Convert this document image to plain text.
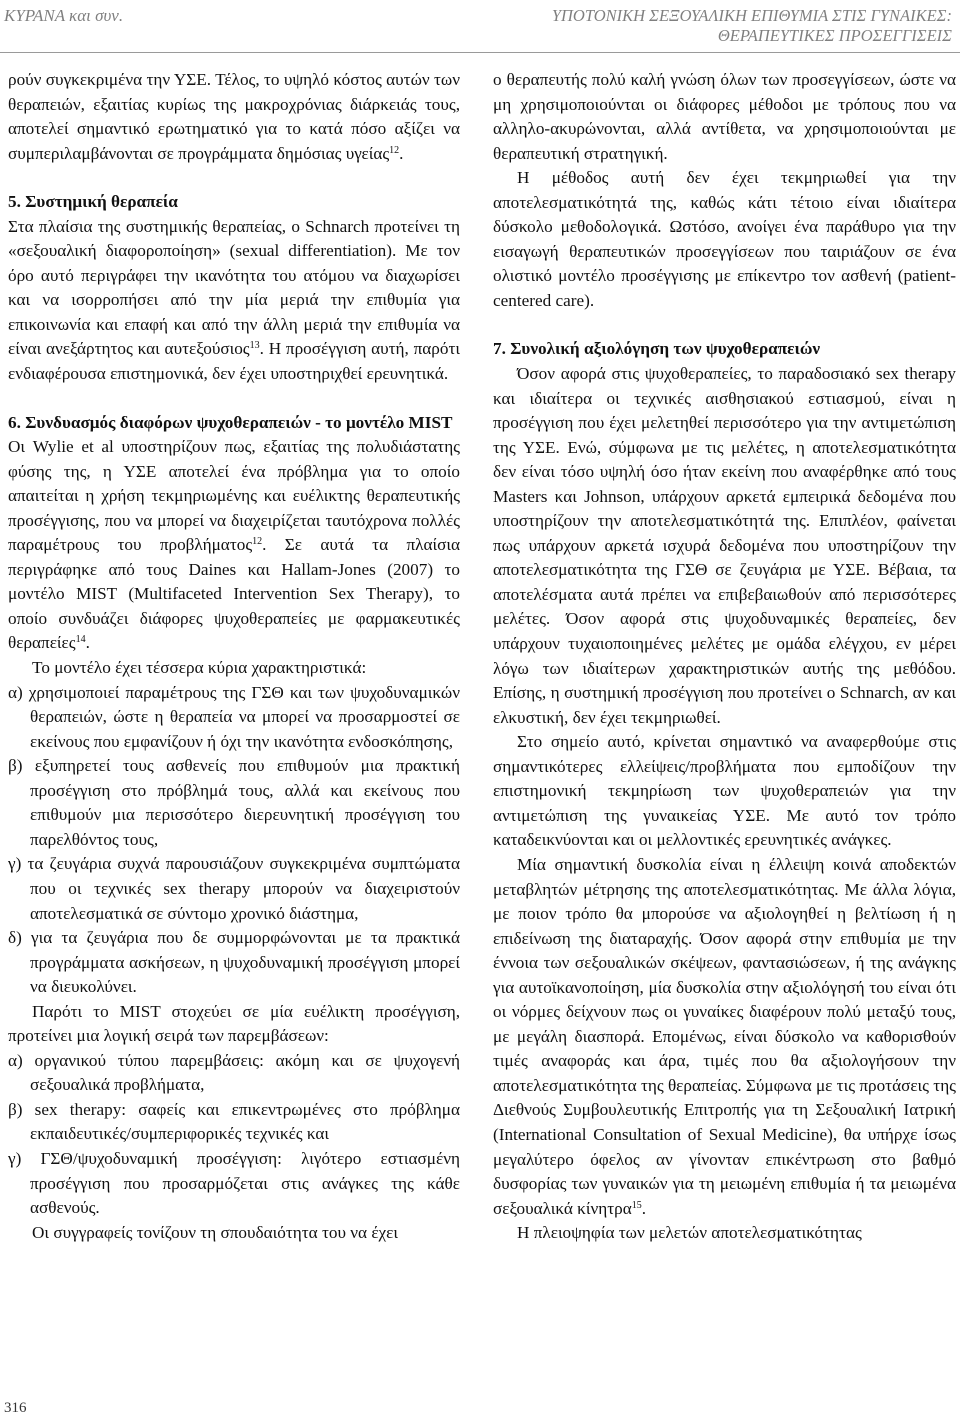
ΚΥΡΑΝΑ και συν.	ΥΠΟΤΟΝΙΚΗ ΣΕΞΟΥΑΛΙΚΗ ΕΠΙΘΥΜΙΑ ΣΤΙΣ ΓΥΝΑΙΚΕΣ:
ΘΕΡΑΠΕΥΤΙΚΕΣ ΠΡΟΣΕΓΓΙΣΕΙΣ

ρούν συγκεκριμένα την ΥΣΕ. Τέλος, το υψηλό κόστος αυτών των θεραπειών, εξαιτίας κυρίως της μακροχρόνιας διάρκειάς τους, αποτελεί σημαντικό ερωτηματικό για το κατά πόσο αξίζει να συμπεριλαμβάνονται σε προγράμματα δημόσιας υγείας$^{12}$.

5. Συστημική θεραπεία

Στα πλαίσια της συστημικής θεραπείας, ο Schnarch προτείνει τη «σεξουαλική διαφοροποίηση» (sexual differentiation). Με τον όρο αυτό περιγράφει την ικανότητα του ατόμου να διαχωρίσει και να ισορροπήσει από την μία μεριά την επιθυμία για επικοινωνία και επαφή και από την άλλη μεριά την επιθυμία να είναι ανεξάρτητος και αυτεξούσιος$^{13}$. Η προσέγγιση αυτή, παρότι ενδιαφέρουσα επιστημονικά, δεν έχει υποστηριχθεί ερευνητικά.

6. Συνδυασμός διαφόρων ψυχοθεραπειών - το μοντέλο MIST

Οι Wylie et al υποστηρίζουν πως, εξαιτίας της πολυδιάστατης φύσης της, η ΥΣΕ αποτελεί ένα πρόβλημα για το οποίο απαιτείται η χρήση τεκμηριωμένης και ευέλικτης θεραπευτικής προσέγγισης, που να μπορεί να διαχειρίζεται ταυτόχρονα πολλές παραμέτρους του προβλήματος$^{12}$. Σε αυτά τα πλαίσια περιγράφηκε από τους Daines και Hallam-Jones (2007) το μοντέλο MIST (Multifaceted Intervention Sex Therapy), το οποίο συνδυάζει διάφορες ψυχοθεραπείες με φαρμακευτικές θεραπείες$^{14}$.

Το μοντέλο έχει τέσσερα κύρια χαρακτηριστικά:

α) χρησιμοποιεί παραμέτρους της ΓΣΘ και των ψυχοδυναμικών θεραπειών, ώστε η θεραπεία να μπορεί να προσαρμοστεί σε εκείνους που εμφανίζουν ή όχι την ικανότητα ενδοσκόπησης,

β) εξυπηρετεί τους ασθενείς που επιθυμούν μια πρακτική προσέγγιση στο πρόβλημά τους, αλλά και εκείνους που επιθυμούν μια περισσότερο διερευνητική προσέγγιση του παρελθόντος τους,

γ) τα ζευγάρια συχνά παρουσιάζουν συγκεκριμένα συμπτώματα που οι τεχνικές sex therapy μπορούν να διαχειριστούν αποτελεσματικά σε σύντομο χρονικό διάστημα,

δ) για τα ζευγάρια που δε συμμορφώνονται με τα πρακτικά προγράμματα ασκήσεων, η ψυχοδυναμική προσέγγιση μπορεί να διευκολύνει.

Παρότι το MIST στοχεύει σε μία ευέλικτη προσέγγιση, προτείνει μια λογική σειρά των παρεμβάσεων:

α) οργανικού τύπου παρεμβάσεις: ακόμη και σε ψυχογενή σεξουαλικά προβλήματα,

β) sex therapy: σαφείς και επικεντρωμένες στο πρόβλημα εκπαιδευτικές/συμπεριφορικές τεχνικές και

γ) ΓΣΘ/ψυχοδυναμική προσέγγιση: λιγότερο εστιασμένη προσέγγιση που προσαρμόζεται στις ανάγκες της κάθε ασθενούς.

Οι συγγραφείς τονίζουν τη σπουδαιότητα του να έχει

ο θεραπευτής πολύ καλή γνώση όλων των προσεγγίσεων, ώστε να μη χρησιμοποιούνται οι διάφορες μέθοδοι με τρόπους που να αλληλο-ακυρώνονται, αλλά αντίθετα, να χρησιμοποιούνται με θεραπευτική στρατηγική.

Η μέθοδος αυτή δεν έχει τεκμηριωθεί για την αποτελεσματικότητά της, καθώς κάτι τέτοιο είναι ιδιαίτερα δύσκολο μεθοδολογικά. Ωστόσο, ανοίγει ένα παράθυρο για την εισαγωγή θεραπευτικών προσεγγίσεων που ταιριάζουν σε ένα ολιστικό μοντέλο προσέγγισης με επίκεντρο τον ασθενή (patient-centered care).

7. Συνολική αξιολόγηση των ψυχοθεραπειών

Όσον αφορά στις ψυχοθεραπείες, το παραδοσιακό sex therapy και ιδιαίτερα οι τεχνικές αισθησιακού εστιασμού, είναι η προσέγγιση που έχει μελετηθεί περισσότερο για την αντιμετώπιση της ΥΣΕ. Ενώ, σύμφωνα με τις μελέτες, η αποτελεσματικότητα δεν είναι τόσο υψηλή όσο ήταν εκείνη που αναφέρθηκε από τους Masters και Johnson, υπάρχουν αρκετά εμπειρικά δεδομένα που υποστηρίζουν την αποτελεσματικότητά της. Επιπλέον, φαίνεται πως υπάρχουν αρκετά ισχυρά δεδομένα που υποστηρίζουν την αποτελεσματικότητα της ΓΣΘ σε ζευγάρια με ΥΣΕ. Βέβαια, τα αποτελέσματα αυτά πρέπει να επιβεβαιωθούν από περισσότερες μελέτες. Όσον αφορά στις ψυχοδυναμικές θεραπείες, δεν υπάρχουν τυχαιοποιημένες μελέτες με ομάδα ελέγχου, εν μέρει λόγω των ιδιαίτερων χαρακτηριστικών αυτής της μεθόδου. Επίσης, η συστημική προσέγγιση που προτείνει ο Schnarch, αν και ελκυστική, δεν έχει τεκμηριωθεί.

Στο σημείο αυτό, κρίνεται σημαντικό να αναφερθούμε στις σημαντικότερες ελλείψεις/προβλήματα που εμποδίζουν την επιστημονική τεκμηρίωση των ψυχοθεραπειών για την αντιμετώπιση της γυναικείας ΥΣΕ. Με αυτό τον τρόπο καταδεικνύονται και οι μελλοντικές ερευνητικές ανάγκες.

Μία σημαντική δυσκολία είναι η έλλειψη κοινά αποδεκτών μεταβλητών μέτρησης της αποτελεσματικότητας. Με άλλα λόγια, με ποιον τρόπο θα μπορούσε να αξιολογηθεί η βελτίωση ή η επιδείνωση της διαταραχής. Όσον αφορά στην επιθυμία με την έννοια των σεξουαλικών σκέψεων, φαντασιώσεων, ή της ανάγκης για αυτοϊκανοποίηση, μία δυσκολία στην αξιολόγησή του είναι ότι οι νόρμες δείχνουν πως οι γυναίκες διαφέρουν πολύ μεταξύ τους, με μεγάλη διασπορά. Επομένως, είναι δύσκολο να καθορισθούν τιμές αναφοράς και άρα, τιμές που θα αξιολογήσουν την αποτελεσματικότητα της θεραπείας. Σύμφωνα με τις προτάσεις της Διεθνούς Συμβουλευτικής Επιτροπής για τη Σεξουαλική Ιατρική (International Consultation of Sexual Medicine), θα υπήρχε ίσως μεγαλύτερο όφελος αν γίνονταν επικέντρωση στο βαθμό δυσφορίας των γυναικών για τη μειωμένη επιθυμία ή τα μειωμένα σεξουαλικά κίνητρα$^{15}$.

Η πλειοψηφία των μελετών αποτελεσματικότητας

316
